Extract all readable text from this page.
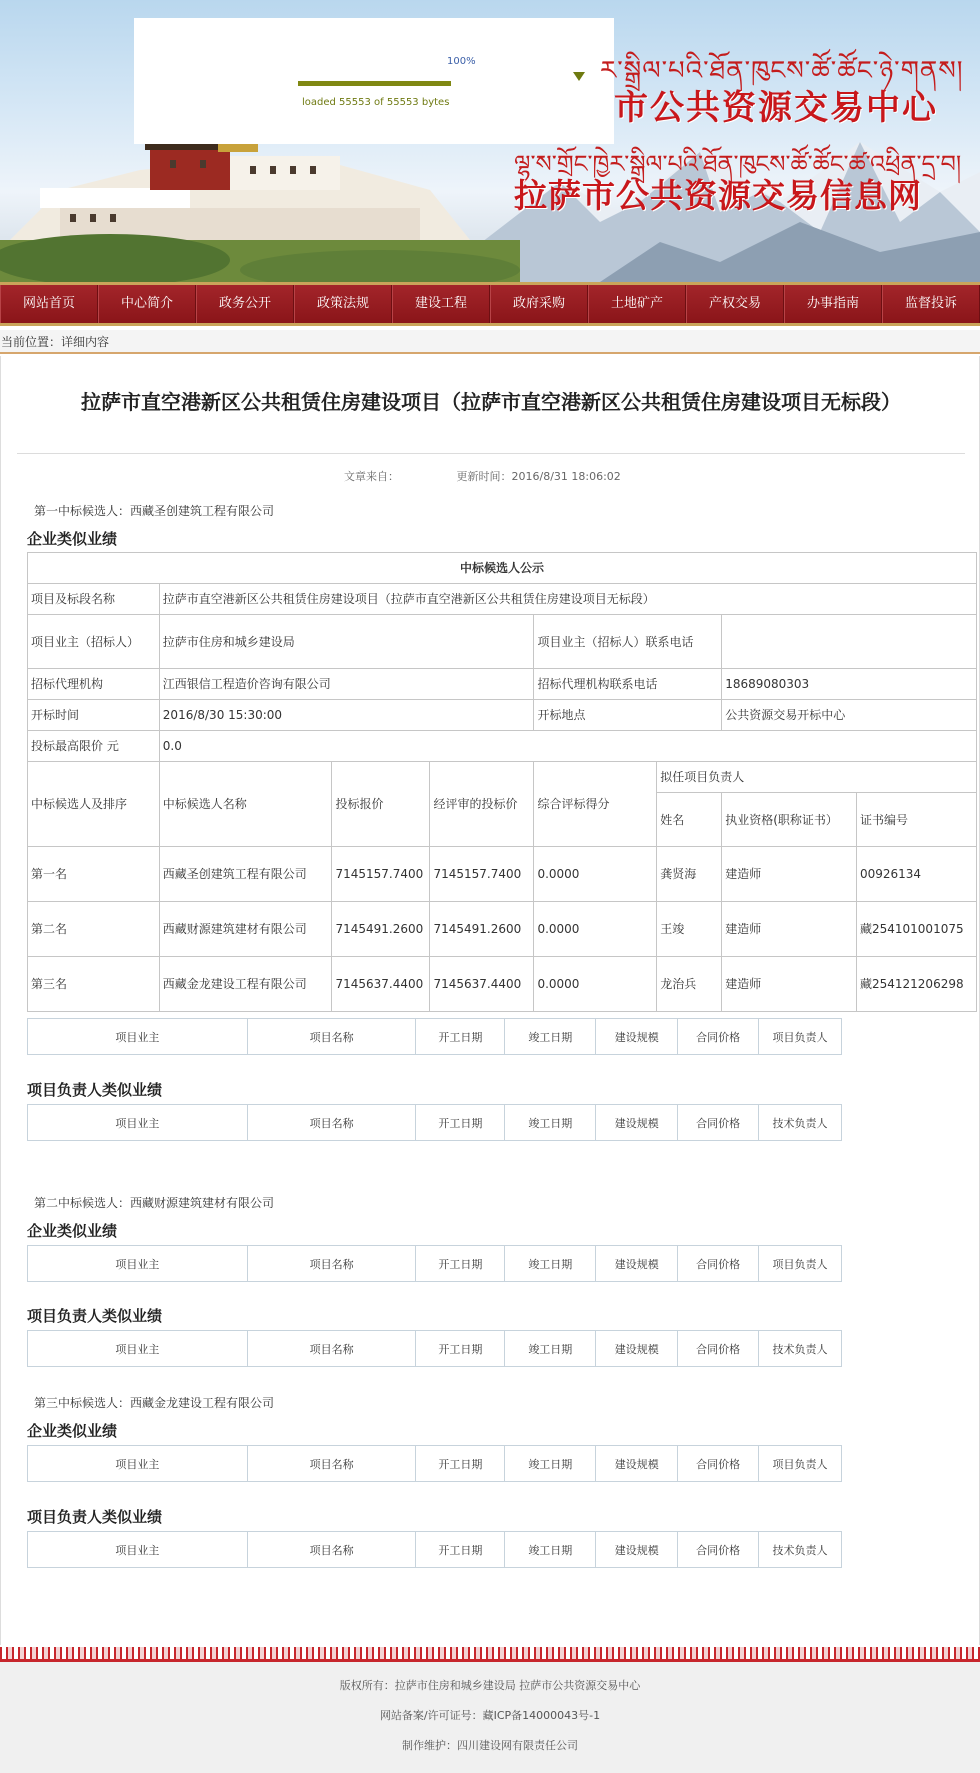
100%
loaded 55553 of 55553 bytes
ར་སྒྲིལ་པའི་ཐོན་ཁུངས་ཚོ་ཚོང་ཉེ་གནས།
市公共资源交易中心
ལྷ་ས་གྲོང་ཁྱེར་སྒྲིལ་པའི་ཐོན་ཁུངས་ཚོ་ཚོང་ཚ་འཕྲིན་དྲ་བ།
拉萨市公共资源交易信息网
网站首页	中心简介	政务公开	政策法规	建设工程	政府采购	土地矿产	产权交易	办事指南	监督投诉
当前位置：详细内容
拉萨市直空港新区公共租赁住房建设项目（拉萨市直空港新区公共租赁住房建设项目无标段）
文章来自：	更新时间：2016/8/31 18:06:02
第一中标候选人：西藏圣创建筑工程有限公司
企业类似业绩
中标候选人公示							
项目及标段名称	拉萨市直空港新区公共租赁住房建设项目（拉萨市直空港新区公共租赁住房建设项目无标段）						
项目业主（招标人）	拉萨市住房和城乡建设局			项目业主（招标人）联系电话			
招标代理机构	江西银信工程造价咨询有限公司			招标代理机构联系电话		18689080303	
开标时间	2016/8/30 15:30:00			开标地点		公共资源交易开标中心	
投标最高限价 元	0.0						
中标候选人及排序	中标候选人名称	投标报价	经评审的投标价	综合评标得分	拟任项目负责人		
					姓名	执业资格(职称证书）	证书编号
第一名	西藏圣创建筑工程有限公司	7145157.7400	7145157.7400	0.0000	龚贤海	建造师	00926134
第二名	西藏财源建筑建材有限公司	7145491.2600	7145491.2600	0.0000	王竣	建造师	藏254101001075
第三名	西藏金龙建设工程有限公司	7145637.4400	7145637.4400	0.0000	龙治兵	建造师	藏254121206298
项目业主	项目名称	开工日期	竣工日期	建设规模	合同价格	项目负责人
项目负责人类似业绩
项目业主	项目名称	开工日期	竣工日期	建设规模	合同价格	技术负责人
第二中标候选人：西藏财源建筑建材有限公司
企业类似业绩
项目业主	项目名称	开工日期	竣工日期	建设规模	合同价格	项目负责人
项目负责人类似业绩
项目业主	项目名称	开工日期	竣工日期	建设规模	合同价格	技术负责人
第三中标候选人：西藏金龙建设工程有限公司
企业类似业绩
项目业主	项目名称	开工日期	竣工日期	建设规模	合同价格	项目负责人
项目负责人类似业绩
项目业主	项目名称	开工日期	竣工日期	建设规模	合同价格	技术负责人
版权所有：拉萨市住房和城乡建设局 拉萨市公共资源交易中心
网站备案/许可证号：藏ICP备14000043号-1
制作维护：四川建设网有限责任公司
